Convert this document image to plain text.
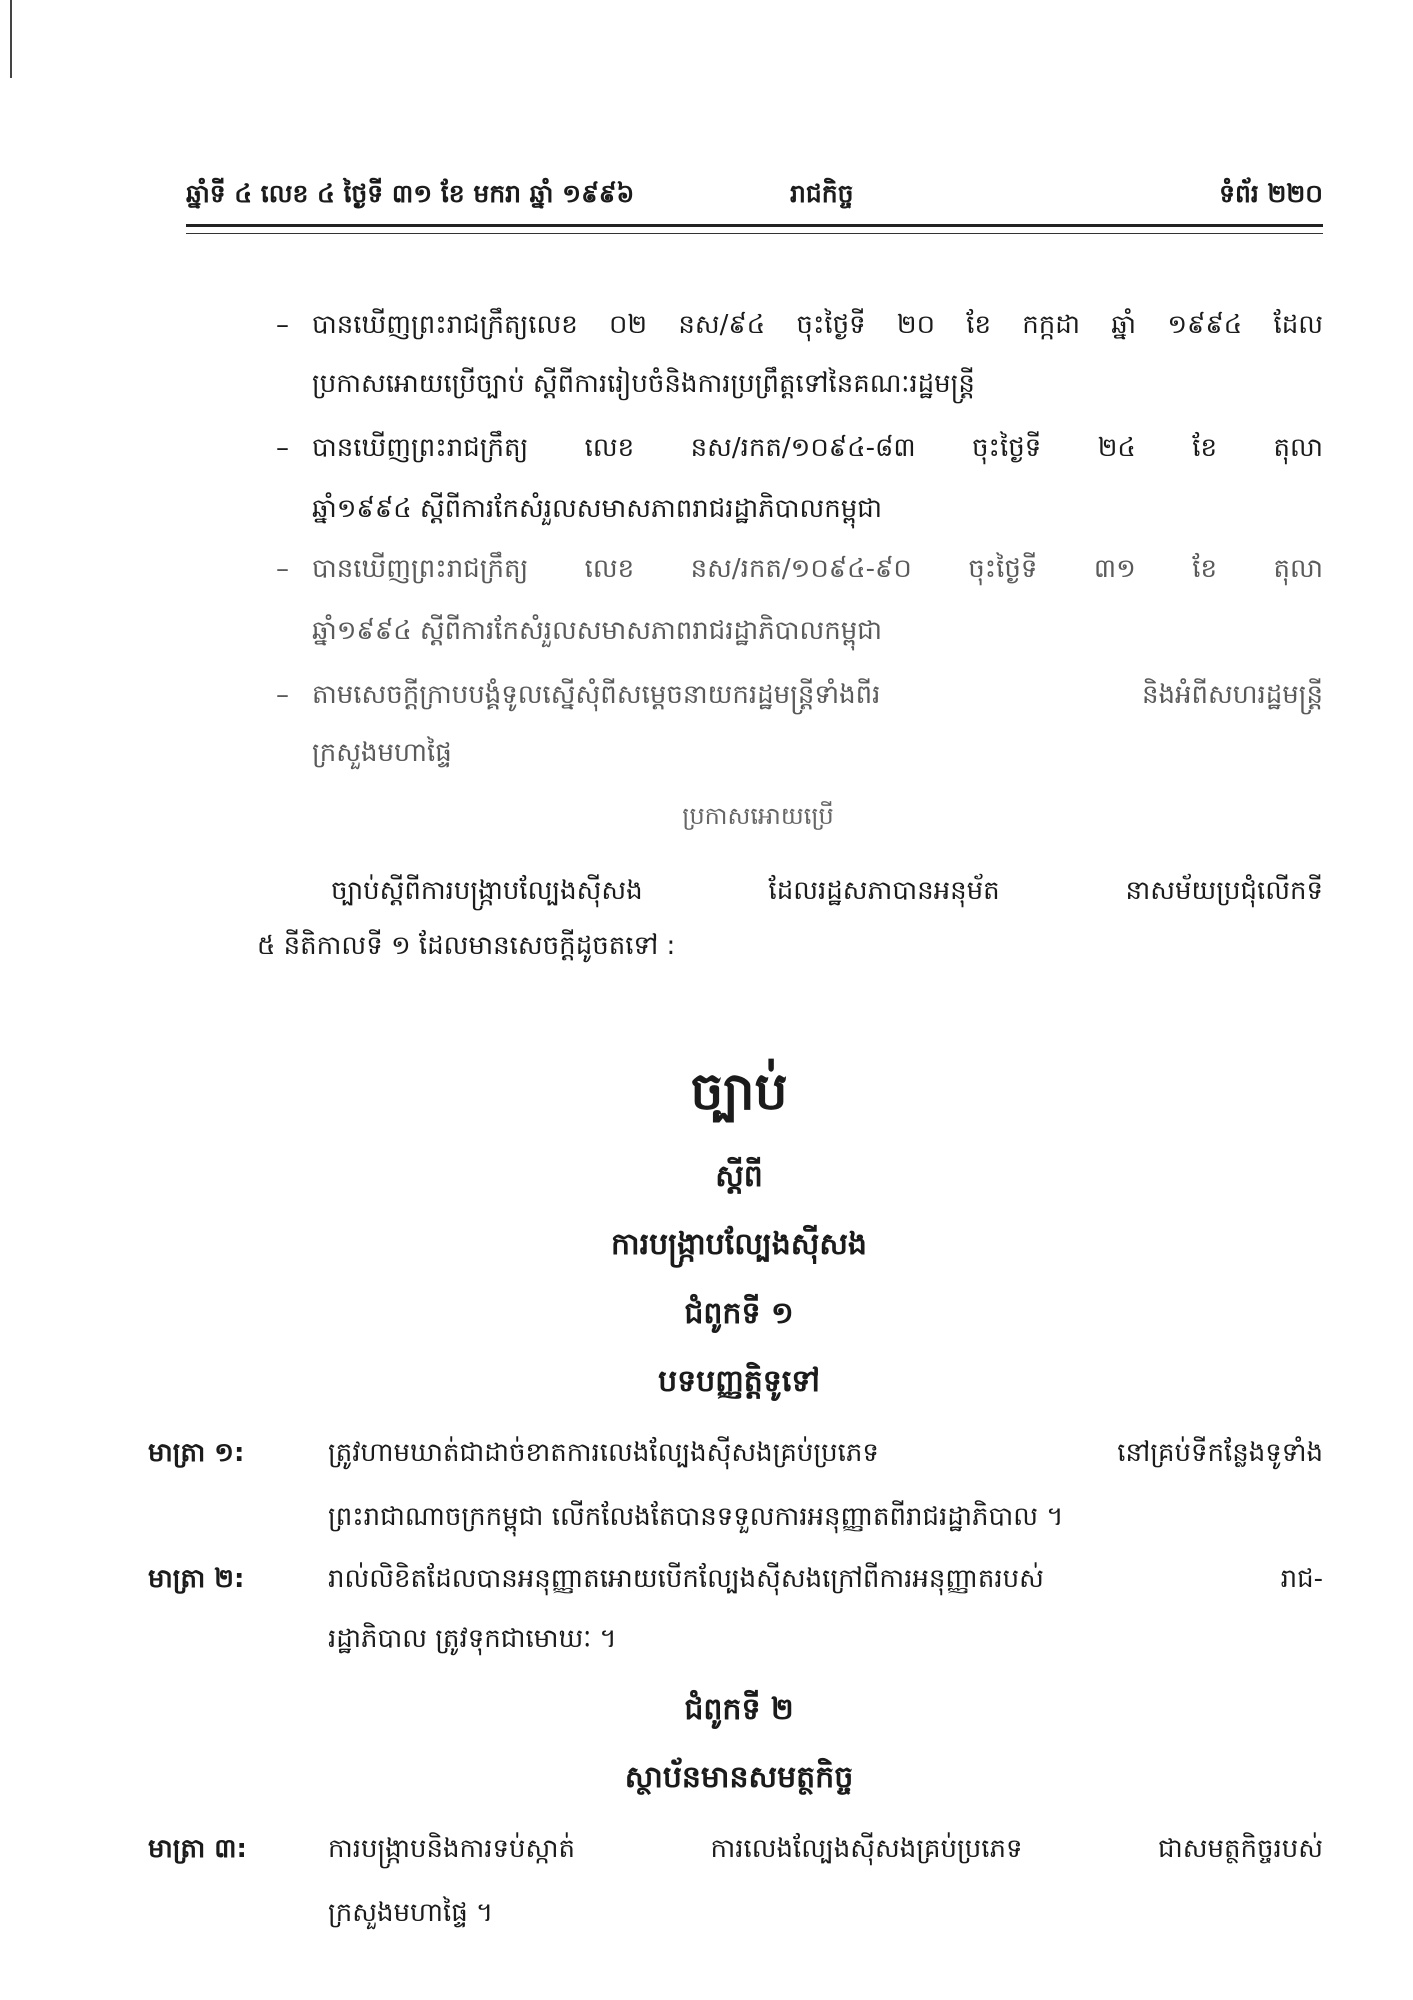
ឆ្នាំទី ៤ លេខ ៤ ថ្ងៃទី ៣១ ខែ មករា ឆ្នាំ ១៩៩៦	រាជកិច្ច	ទំព័រ ២២០
– បានឃើញព្រះរាជក្រឹត្យលេខ ០២ នស/៩៤ ចុះថ្ងៃទី ២០ ខែ កក្កដា ឆ្នាំ ១៩៩៤ ដែល
ប្រកាសអោយប្រើច្បាប់ ស្តីពីការរៀបចំនិងការប្រព្រឹត្តទៅនៃគណៈរដ្ឋមន្ត្រី
– បានឃើញព្រះរាជក្រឹត្យ លេខ នស/រកត/១០៩៤-៨៣ ចុះថ្ងៃទី ២៤ ខែ តុលា
ឆ្នាំ១៩៩៤ ស្តីពីការកែសំរួលសមាសភាពរាជរដ្ឋាភិបាលកម្ពុជា
– បានឃើញព្រះរាជក្រឹត្យ លេខ នស/រកត/១០៩៤-៩០ ចុះថ្ងៃទី ៣១ ខែ តុលា
ឆ្នាំ១៩៩៤ ស្តីពីការកែសំរួលសមាសភាពរាជរដ្ឋាភិបាលកម្ពុជា
– តាមសេចក្តីក្រាបបង្គំទូលស្នើសុំពីសម្តេចនាយករដ្ឋមន្ត្រីទាំងពីរ និងអំពីសហរដ្ឋមន្ត្រី
ក្រសួងមហាផ្ទៃ
ប្រកាសអោយប្រើ
ច្បាប់ស្តីពីការបង្ក្រាបល្បែងស៊ីសង ដែលរដ្ឋសភាបានអនុម័ត នាសម័យប្រជុំលើកទី
៥ នីតិកាលទី ១ ដែលមានសេចក្តីដូចតទៅ :
ច្បាប់
ស្តីពី
ការបង្ក្រាបល្បែងស៊ីសង
ជំពូកទី ១
បទបញ្ញត្តិទូទៅ
មាត្រា ១:	ត្រូវហាមឃាត់ជាដាច់ខាតការលេងល្បែងស៊ីសងគ្រប់ប្រភេទ នៅគ្រប់ទីកន្លែងទូទាំង
ព្រះរាជាណាចក្រកម្ពុជា លើកលែងតែបានទទួលការអនុញ្ញាតពីរាជរដ្ឋាភិបាល ។
មាត្រា ២:	រាល់លិខិតដែលបានអនុញ្ញាតអោយបើកល្បែងស៊ីសងក្រៅពីការអនុញ្ញាតរបស់ រាជ-
រដ្ឋាភិបាល ត្រូវទុកជាមោឃៈ ។
ជំពូកទី ២
ស្ថាប័នមានសមត្ថកិច្ច
មាត្រា ៣:	ការបង្ក្រាបនិងការទប់ស្កាត់ ការលេងល្បែងស៊ីសងគ្រប់ប្រភេទ ជាសមត្ថកិច្ចរបស់
ក្រសួងមហាផ្ទៃ ។
